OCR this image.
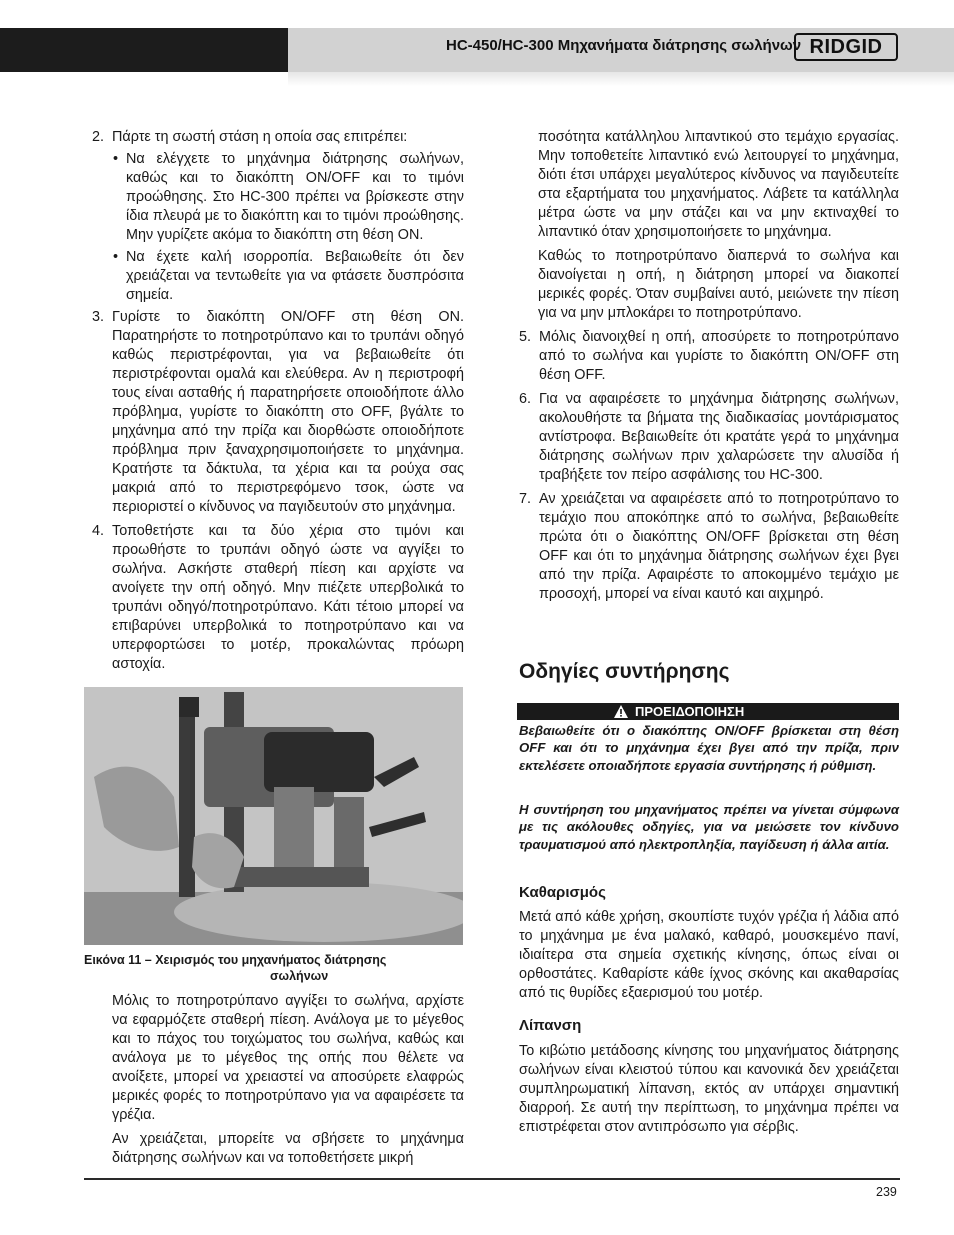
HC-450/HC-300 Μηχανήματα διάτρησης σωλήνων RIDGID
2. Πάρτε τη σωστή στάση η οποία σας επιτρέπει:
• Να ελέγχετε το μηχάνημα διάτρησης σωλήνων, καθώς και το διακόπτη ON/OFF και το τιμόνι προώθησης. Στο HC-300 πρέπει να βρίσκεστε στην ίδια πλευρά με το διακόπτη και το τιμόνι προώθησης. Μην γυρίζετε ακόμα το διακόπτη στη θέση ON.
• Να έχετε καλή ισορροπία. Βεβαιωθείτε ότι δεν χρειάζεται να τεντωθείτε για να φτάσετε δυσπρόσιτα σημεία.
3. Γυρίστε το διακόπτη ON/OFF στη θέση ON. Παρατηρήστε το ποτηροτρύπανο και το τρυπάνι οδηγό καθώς περιστρέφονται, για να βεβαιωθείτε ότι περιστρέφονται ομαλά και ελεύθερα. Αν η περιστροφή τους είναι ασταθής ή παρατηρήσετε οποιοδήποτε άλλο πρόβλημα, γυρίστε το διακόπτη στο OFF, βγάλτε το μηχάνημα από την πρίζα και διορθώστε οποιοδήποτε πρόβλημα πριν ξαναχρησιμοποιήσετε το μηχάνημα. Κρατήστε τα δάκτυλα, τα χέρια και τα ρούχα σας μακριά από το περιστρεφόμενο τσοκ, ώστε να περιοριστεί ο κίνδυνος να παγιδευτούν στο μηχάνημα.
4. Τοποθετήστε και τα δύο χέρια στο τιμόνι και προωθήστε το τρυπάνι οδηγό ώστε να αγγίξει το σωλήνα. Ασκήστε σταθερή πίεση και αρχίστε να ανοίγετε την οπή οδηγό. Μην πιέζετε υπερβολικά το τρυπάνι οδηγό/ποτηροτρύπανο. Κάτι τέτοιο μπορεί να επιβαρύνει υπερβολικά το ποτηροτρύπανο και να υπερφορτώσει το μοτέρ, προκαλώντας πρόωρη αστοχία.
Εικόνα 11 – Χειρισμός του μηχανήματος διάτρησης
σωλήνων

Μόλις το ποτηροτρύπανο αγγίξει το σωλήνα, αρχίστε να εφαρμόζετε σταθερή πίεση. Ανάλογα με το μέγεθος και το πάχος του τοιχώματος του σωλήνα, καθώς και ανάλογα με το μέγεθος της οπής που θέλετε να ανοίξετε, μπορεί να χρειαστεί να αποσύρετε ελαφρώς μερικές φορές το ποτηροτρύπανο για να αφαιρέσετε τα γρέζια.

Αν χρειάζεται, μπορείτε να σβήσετε το μηχάνημα διάτρησης σωλήνων και να τοποθετήσετε μικρή

ποσότητα κατάλληλου λιπαντικού στο τεμάχιο εργασίας. Μην τοποθετείτε λιπαντικό ενώ λειτουργεί το μηχάνημα, διότι έτσι υπάρχει μεγαλύτερος κίνδυνος να παγιδευτείτε στα εξαρτήματα του μηχανήματος. Λάβετε τα κατάλληλα μέτρα ώστε να μην στάζει και να μην εκτιναχθεί το λιπαντικό όταν χρησιμοποιήσετε το μηχάνημα.

Καθώς το ποτηροτρύπανο διαπερνά το σωλήνα και διανοίγεται η οπή, η διάτρηση μπορεί να διακοπεί μερικές φορές. Όταν συμβαίνει αυτό, μειώνετε την πίεση για να μην μπλοκάρει το ποτηροτρύπανο.

5. Μόλις διανοιχθεί η οπή, αποσύρετε το ποτηροτρύπανο από το σωλήνα και γυρίστε το διακόπτη ON/OFF στη θέση OFF.
6. Για να αφαιρέσετε το μηχάνημα διάτρησης σωλήνων, ακολουθήστε τα βήματα της διαδικασίας μοντάρισματος αντίστροφα. Βεβαιωθείτε ότι κρατάτε γερά το μηχάνημα διάτρησης σωλήνων πριν χαλαρώσετε την αλυσίδα ή τραβήξετε τον πείρο ασφάλισης του HC-300.
7. Αν χρειάζεται να αφαιρέσετε από το ποτηροτρύπανο το τεμάχιο που αποκόπηκε από το σωλήνα, βεβαιωθείτε πρώτα ότι ο διακόπτης ON/OFF βρίσκεται στη θέση OFF και ότι το μηχάνημα διάτρησης σωλήνων έχει βγει από την πρίζα. Αφαιρέστε το αποκομμένο τεμάχιο με προσοχή, μπορεί να είναι καυτό και αιχμηρό.
Οδηγίες συντήρησης
ΠΡΟΕΙΔΟΠΟΙΗΣΗ
Βεβαιωθείτε ότι ο διακόπτης ON/OFF βρίσκεται στη θέση OFF και ότι το μηχάνημα έχει βγει από την πρίζα, πριν εκτελέσετε οποιαδήποτε εργασία συντήρησης ή ρύθμιση.
Η συντήρηση του μηχανήματος πρέπει να γίνεται σύμφωνα με τις ακόλουθες οδηγίες, για να μειώσετε τον κίνδυνο τραυματισμού από ηλεκτροπληξία, παγίδευση ή άλλα αιτία.
Καθαρισμός
Μετά από κάθε χρήση, σκουπίστε τυχόν γρέζια ή λάδια από το μηχάνημα με ένα μαλακό, καθαρό, μουσκεμένο πανί, ιδιαίτερα στα σημεία σχετικής κίνησης, όπως είναι οι ορθοστάτες. Καθαρίστε κάθε ίχνος σκόνης και ακαθαρσίας από τις θυρίδες εξαερισμού του μοτέρ.
Λίπανση
Το κιβώτιο μετάδοσης κίνησης του μηχανήματος διάτρησης σωλήνων είναι κλειστού τύπου και κανονικά δεν χρειάζεται συμπληρωματική λίπανση, εκτός αν υπάρχει σημαντική διαρροή. Σε αυτή την περίπτωση, το μηχάνημα πρέπει να επιστρέφεται στον αντιπρόσωπο για σέρβις.
239
